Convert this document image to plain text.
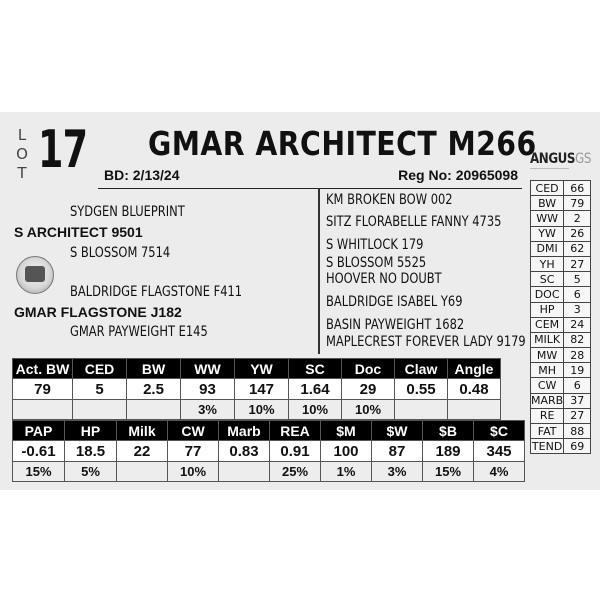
L
O
T 17 GMAR ARCHITECT M266
BD: 2/13/24	Reg No: 20965098
ANGUSGS
───────────
SYDGEN BLUEPRINT
S ARCHITECT 9501
S BLOSSOM 7514
BALDRIDGE FLAGSTONE F411
GMAR FLAGSTONE J182
GMAR PAYWEIGHT E145
KM BROKEN BOW 002
SITZ FLORABELLE FANNY 4735
S WHITLOCK 179
S BLOSSOM 5525
HOOVER NO DOUBT
BALDRIDGE ISABEL Y69
BASIN PAYWEIGHT 1682
MAPLECREST FOREVER LADY 9179
CED	66
BW	79
WW	2
YW	26
DMI	62
YH	27
SC	5
DOC	6
HP	3
CEM	24
MILK	82
MW	28
MH	19
CW	6
MARB	37
RE	27
FAT	88
TEND	69
Act. BW	CED	BW	WW	YW	SC	Doc	Claw	Angle
79	5	2.5	93	147	1.64	29	0.55	0.48
			3%	10%	10%	10%		
PAP	HP	Milk	CW	Marb	REA	$M	$W	$B	$C
-0.61	18.5	22	77	0.83	0.91	100	87	189	345
15%	5%		10%		25%	1%	3%	15%	4%
